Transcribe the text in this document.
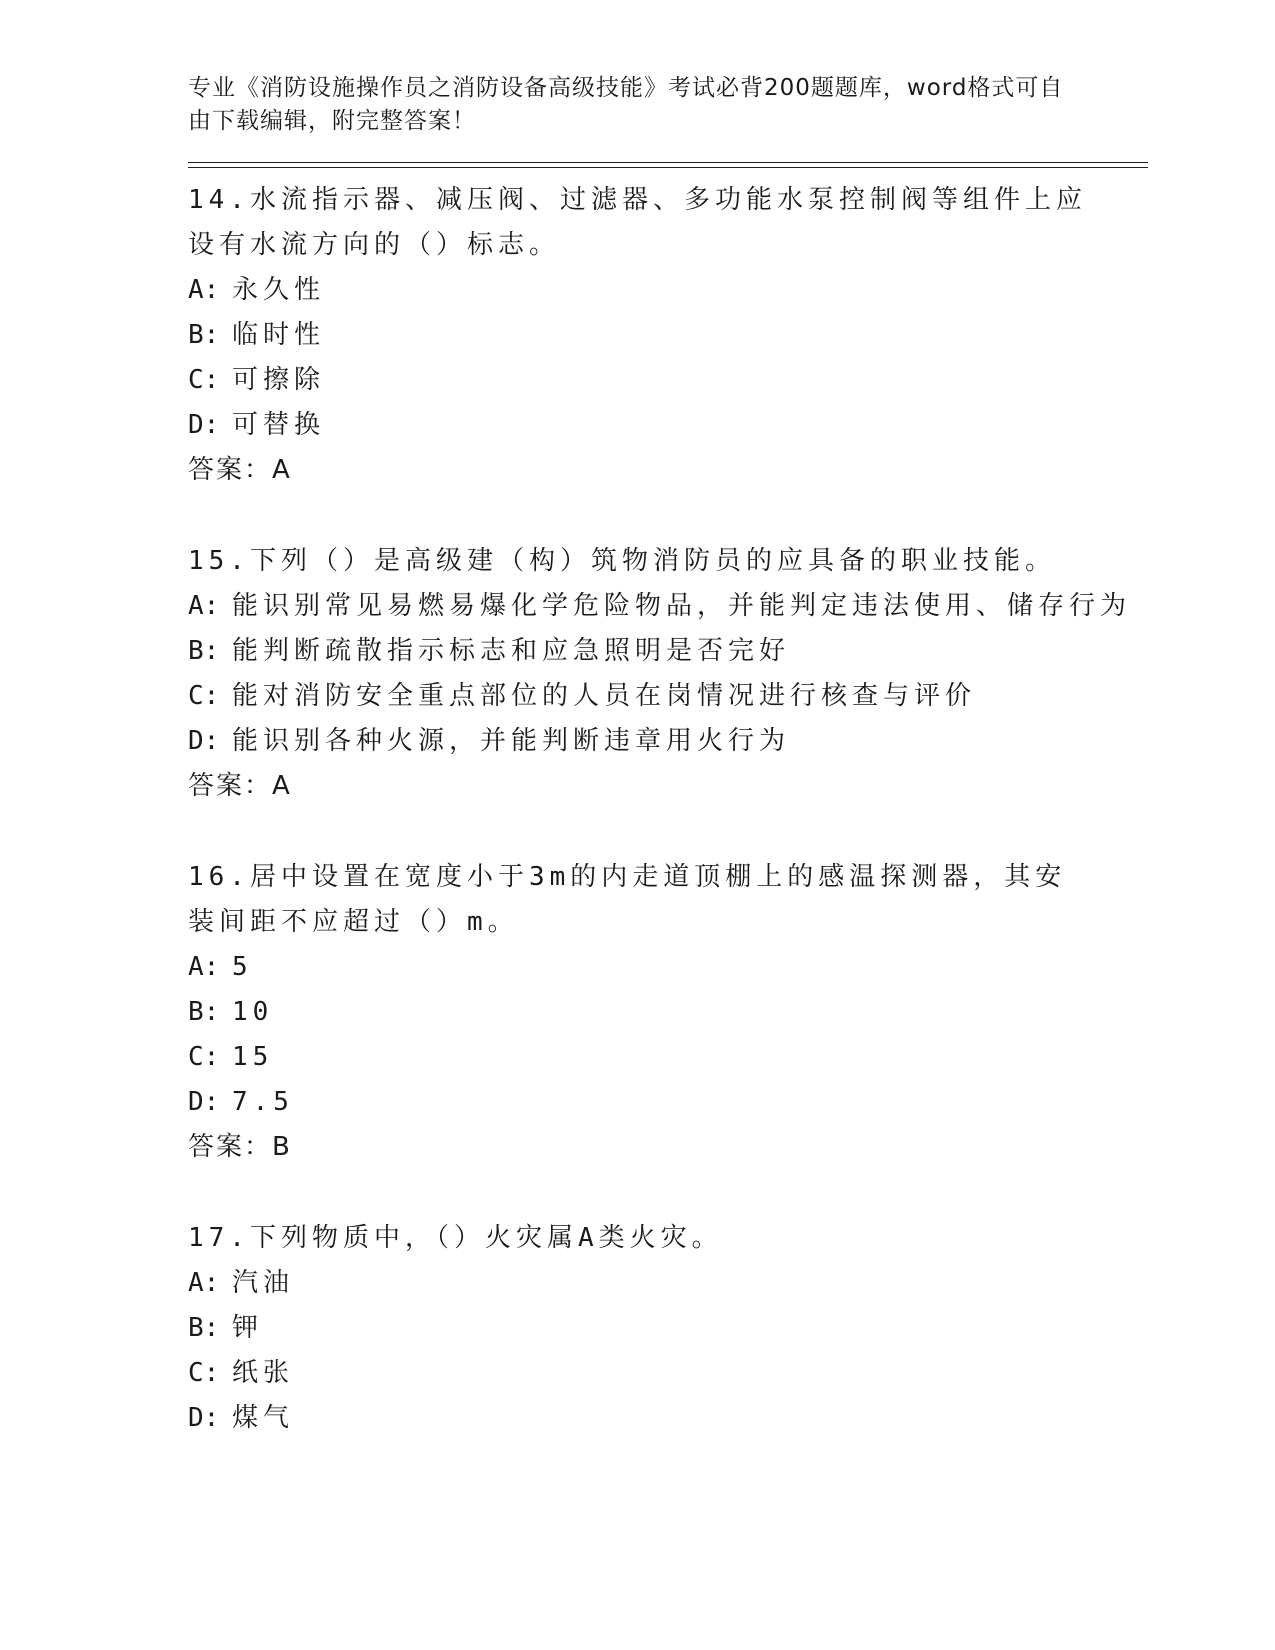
专业《消防设施操作员之消防设备高级技能》考试必背200题题库，word格式可自由下载编辑，附完整答案！

14.水流指示器、减压阀、过滤器、多功能水泵控制阀等组件上应设有水流方向的（）标志。

A: 永久性

B: 临时性

C: 可擦除

D: 可替换

答案：A

15.下列（）是高级建（构）筑物消防员的应具备的职业技能。

A: 能识别常见易燃易爆化学危险物品，并能判定违法使用、储存行为

B: 能判断疏散指示标志和应急照明是否完好

C: 能对消防安全重点部位的人员在岗情况进行核查与评价

D: 能识别各种火源，并能判断违章用火行为

答案：A

16.居中设置在宽度小于3m的内走道顶棚上的感温探测器，其安装间距不应超过（）m。

A: 5

B: 10

C: 15

D: 7.5

答案：B

17.下列物质中，（）火灾属A类火灾。

A: 汽油

B: 钾

C: 纸张

D: 煤气
